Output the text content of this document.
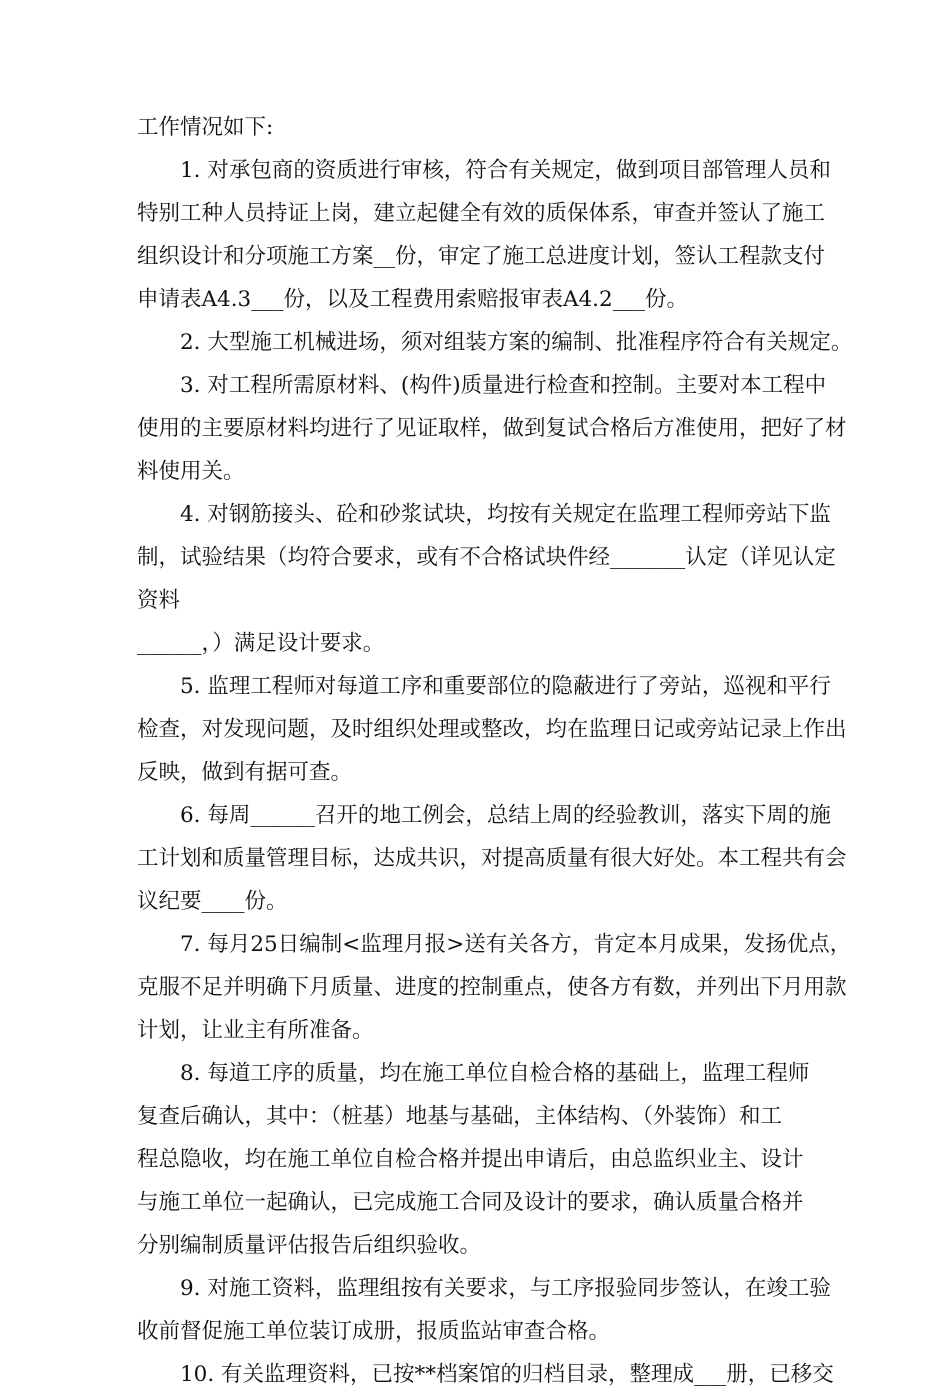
工作情况如下:
1. 对承包商的资质进行审核，符合有关规定，做到项目部管理人员和
特别工种人员持证上岗，建立起健全有效的质保体系，审查并签认了施工
组织设计和分项施工方案__份，审定了施工总进度计划，签认工程款支付
申请表A4.3___份，以及工程费用索赔报审表A4.2___份。
2. 大型施工机械进场，须对组装方案的编制、批准程序符合有关规定。
3. 对工程所需原材料、(构件)质量进行检查和控制。主要对本工程中
使用的主要原材料均进行了见证取样，做到复试合格后方准使用，把好了材
料使用关。
4. 对钢筋接头、砼和砂浆试块，均按有关规定在监理工程师旁站下监
制，试验结果（均符合要求，或有不合格试块件经_______认定（详见认定
资料
______，）满足设计要求。
5. 监理工程师对每道工序和重要部位的隐蔽进行了旁站，巡视和平行
检查，对发现问题，及时组织处理或整改，均在监理日记或旁站记录上作出
反映，做到有据可查。
6. 每周______召开的地工例会，总结上周的经验教训，落实下周的施
工计划和质量管理目标，达成共识，对提高质量有很大好处。本工程共有会
议纪要____份。
7. 每月25日编制<监理月报>送有关各方，肯定本月成果，发扬优点，
克服不足并明确下月质量、进度的控制重点，使各方有数，并列出下月用款
计划，让业主有所准备。
8. 每道工序的质量，均在施工单位自检合格的基础上，监理工程师
复查后确认，其中：（桩基）地基与基础，主体结构、（外装饰）和工
程总隐收，均在施工单位自检合格并提出申请后，由总监织业主、设计
与施工单位一起确认，已完成施工合同及设计的要求，确认质量合格并
分别编制质量评估报告后组织验收。
9. 对施工资料，监理组按有关要求，与工序报验同步签认，在竣工验
收前督促施工单位装订成册，报质监站审查合格。
10. 有关监理资料，已按**档案馆的归档目录，整理成___册，已移交
